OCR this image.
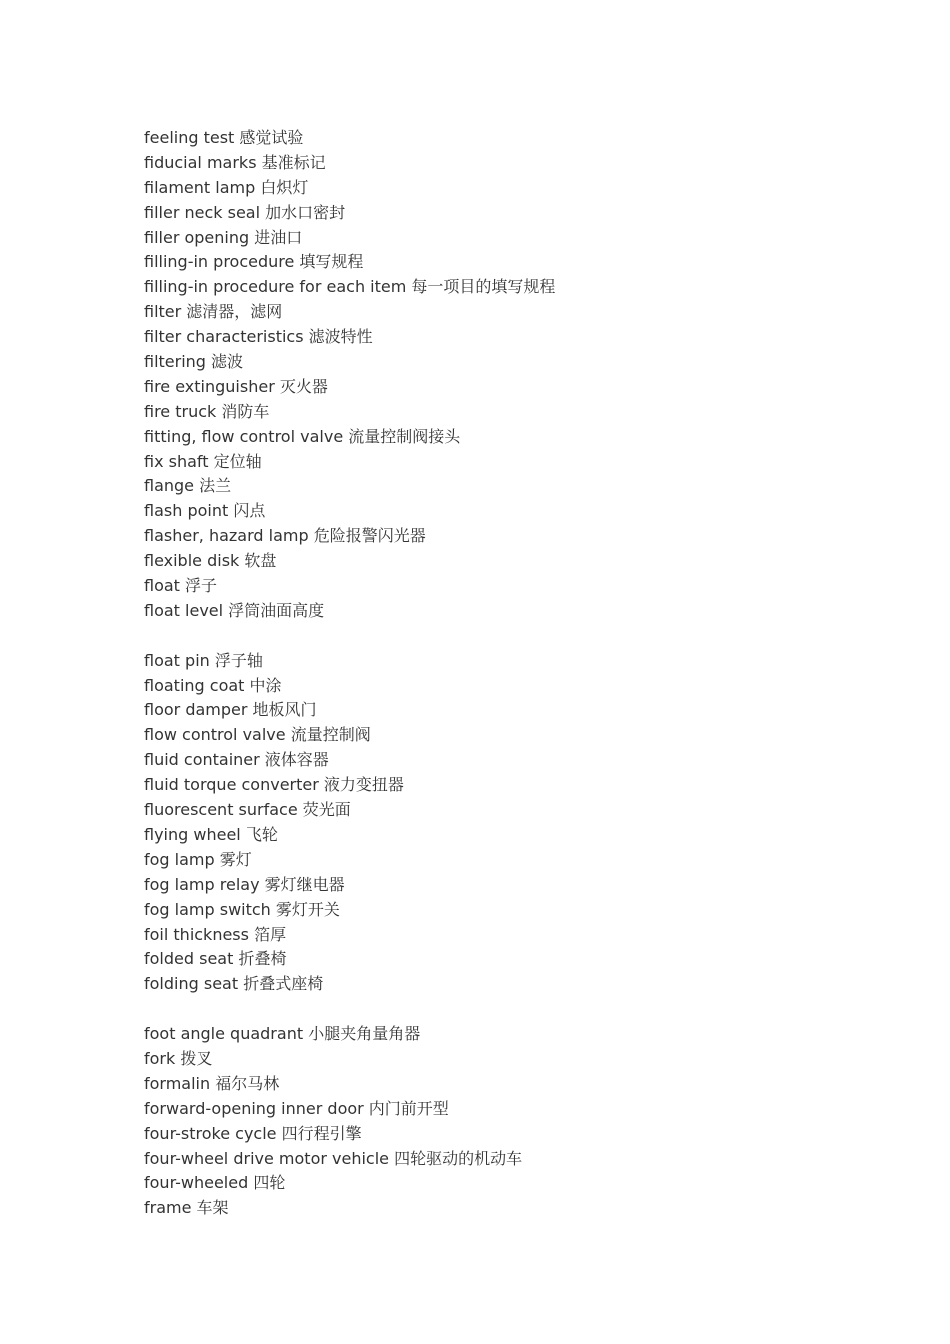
feeling test 感觉试验
fiducial marks 基准标记
filament lamp 白炽灯
filler neck seal 加水口密封
filler opening 进油口
filling-in procedure 填写规程
filling-in procedure for each item 每一项目的填写规程
filter 滤清器，滤网
filter characteristics 滤波特性
filtering 滤波
fire extinguisher 灭火器
fire truck 消防车
fitting, flow control valve 流量控制阀接头
fix shaft 定位轴
flange 法兰
flash point 闪点
flasher, hazard lamp 危险报警闪光器
flexible disk 软盘
float 浮子
float level 浮筒油面高度
float pin 浮子轴
floating coat 中涂
floor damper 地板风门
flow control valve 流量控制阀
fluid container 液体容器
fluid torque converter 液力变扭器
fluorescent surface 荧光面
flying wheel 飞轮
fog lamp 雾灯
fog lamp relay 雾灯继电器
fog lamp switch 雾灯开关
foil thickness 箔厚
folded seat 折叠椅
folding seat 折叠式座椅
foot angle quadrant 小腿夹角量角器
fork 拨叉
formalin 福尔马林
forward-opening inner door 内门前开型
four-stroke cycle 四行程引擎
four-wheel drive motor vehicle 四轮驱动的机动车
four-wheeled 四轮
frame 车架
